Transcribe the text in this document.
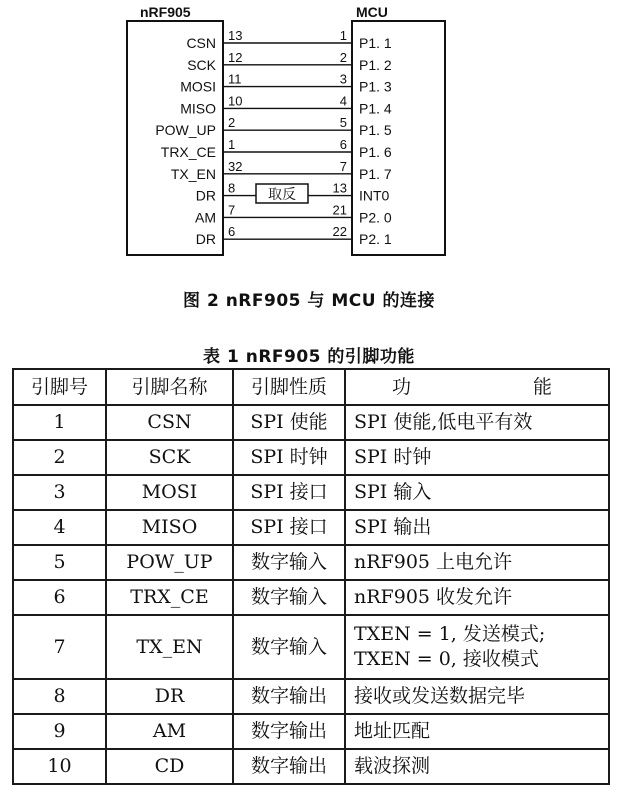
nRF905	MCU
取反
CSN 13	1 P1. 1
SCK 12	2 P1. 2
MOSI 11	3 P1. 3
MISO 10	4 P1. 4
POW_UP 2	5 P1. 5
TRX_CE 1	6 P1. 6
TX_EN 32	7 P1. 7
DR 8	13 INT0
AM 7	21 P2. 0
DR 6	22 P2. 1
图 2 nRF905 与 MCU 的连接
表 1 nRF905 的引脚功能
引脚号	引脚名称	引脚性质	功 能

1	CSN	SPI 使能	SPI 使能,低电平有效

2	SCK	SPI 时钟	SPI 时钟

3	MOSI	SPI 接口	SPI 输入

4	MISO	SPI 接口	SPI 输出

5	POW_UP	数字输入	nRF905 上电允许

6	TRX_CE	数字输入	nRF905 收发允许

7	TX_EN	数字输入	TXEN = 1, 发送模式;
TXEN = 0, 接收模式

8	DR	数字输出	接收或发送数据完毕

9	AM	数字输出	地址匹配

10	CD	数字输出	载波探测
